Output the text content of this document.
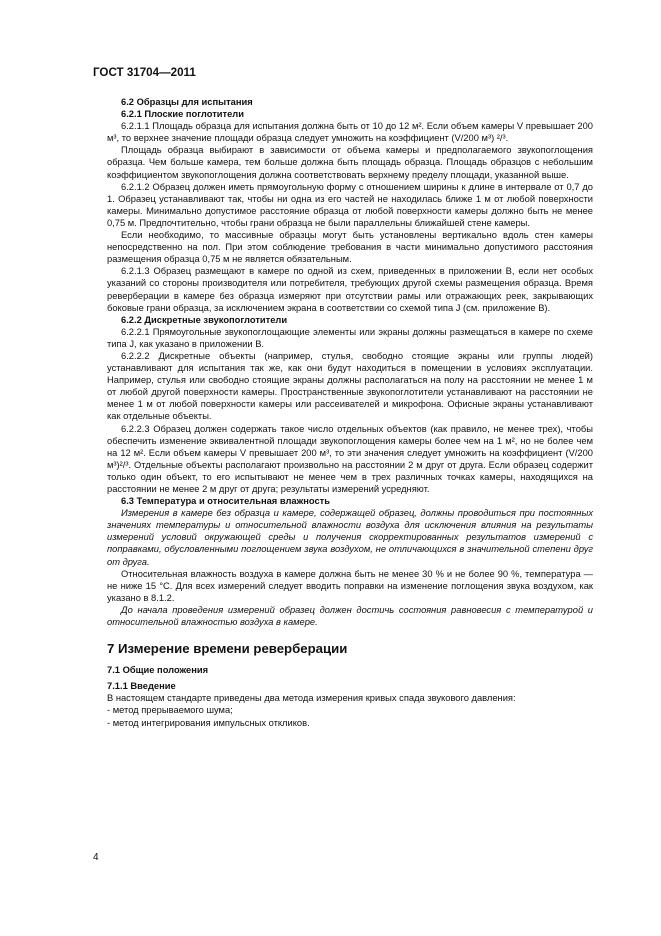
ГОСТ 31704—2011

6.2 Образцы для испытания

6.2.1 Плоские поглотители

6.2.1.1 Площадь образца для испытания должна быть от 10 до 12 м². Если объем камеры V превышает 200 м³, то верхнее значение площади образца следует умножить на коэффициент (V/200 м³) ²/³.

Площадь образца выбирают в зависимости от объема камеры и предполагаемого звукопоглощения образца. Чем больше камера, тем больше должна быть площадь образца. Площадь образцов с небольшим коэффициентом звукопоглощения должна соответствовать верхнему пределу площади, указанной выше.

6.2.1.2 Образец должен иметь прямоугольную форму с отношением ширины к длине в интервале от 0,7 до 1. Образец устанавливают так, чтобы ни одна из его частей не находилась ближе 1 м от любой поверхности камеры. Минимально допустимое расстояние образца от любой поверхности камеры должно быть не менее 0,75 м. Предпочтительно, чтобы грани образца не были параллельны ближайшей стене камеры.

Если необходимо, то массивные образцы могут быть установлены вертикально вдоль стен камеры непосредственно на пол. При этом соблюдение требования в части минимально допустимого расстояния размещения образца 0,75 м не является обязательным.

6.2.1.3 Образец размещают в камере по одной из схем, приведенных в приложении В, если нет особых указаний со стороны производителя или потребителя, требующих другой схемы размещения образца. Время реверберации в камере без образца измеряют при отсутствии рамы или отражающих реек, закрывающих боковые грани образца, за исключением экрана в соответствии со схемой типа J (см. приложение В).

6.2.2 Дискретные звукопоглотители

6.2.2.1 Прямоугольные звукопоглощающие элементы или экраны должны размещаться в камере по схеме типа J, как указано в приложении В.

6.2.2.2 Дискретные объекты (например, стулья, свободно стоящие экраны или группы людей) устанавливают для испытания так же, как они будут находиться в помещении в условиях эксплуатации. Например, стулья или свободно стоящие экраны должны располагаться на полу на расстоянии не менее 1 м от любой другой поверхности камеры. Пространственные звукопоглотители устанавливают на расстоянии не менее 1 м от любой поверхности камеры или рассеивателей и микрофона. Офисные экраны устанавливают как отдельные объекты.

6.2.2.3 Образец должен содержать такое число отдельных объектов (как правило, не менее трех), чтобы обеспечить изменение эквивалентной площади звукопоглощения камеры более чем на 1 м², но не более чем на 12 м². Если объем камеры V превышает 200 м³, то эти значения следует умножить на коэффициент (V/200 м³)²/³. Отдельные объекты располагают произвольно на расстоянии 2 м друг от друга. Если образец содержит только один объект, то его испытывают не менее чем в трех различных точках камеры, находящихся на расстоянии не менее 2 м друг от друга; результаты измерений усредняют.

6.3 Температура и относительная влажность

Измерения в камере без образца и камере, содержащей образец, должны проводиться при постоянных значениях температуры и относительной влажности воздуха для исключения влияния на результаты измерений условий окружающей среды и получения скорректированных результатов измерений с поправками, обусловленными поглощением звука воздухом, не отличающихся в значительной степени друг от друга.

Относительная влажность воздуха в камере должна быть не менее 30 % и не более 90 %, температура — не ниже 15 °С. Для всех измерений следует вводить поправки на изменение поглощения звука воздухом, как указано в 8.1.2.

До начала проведения измерений образец должен достичь состояния равновесия с температурой и относительной влажностью воздуха в камере.

7 Измерение времени реверберации

7.1 Общие положения

7.1.1 Введение

В настоящем стандарте приведены два метода измерения кривых спада звукового давления:

- метод прерываемого шума;

- метод интегрирования импульсных откликов.

4
